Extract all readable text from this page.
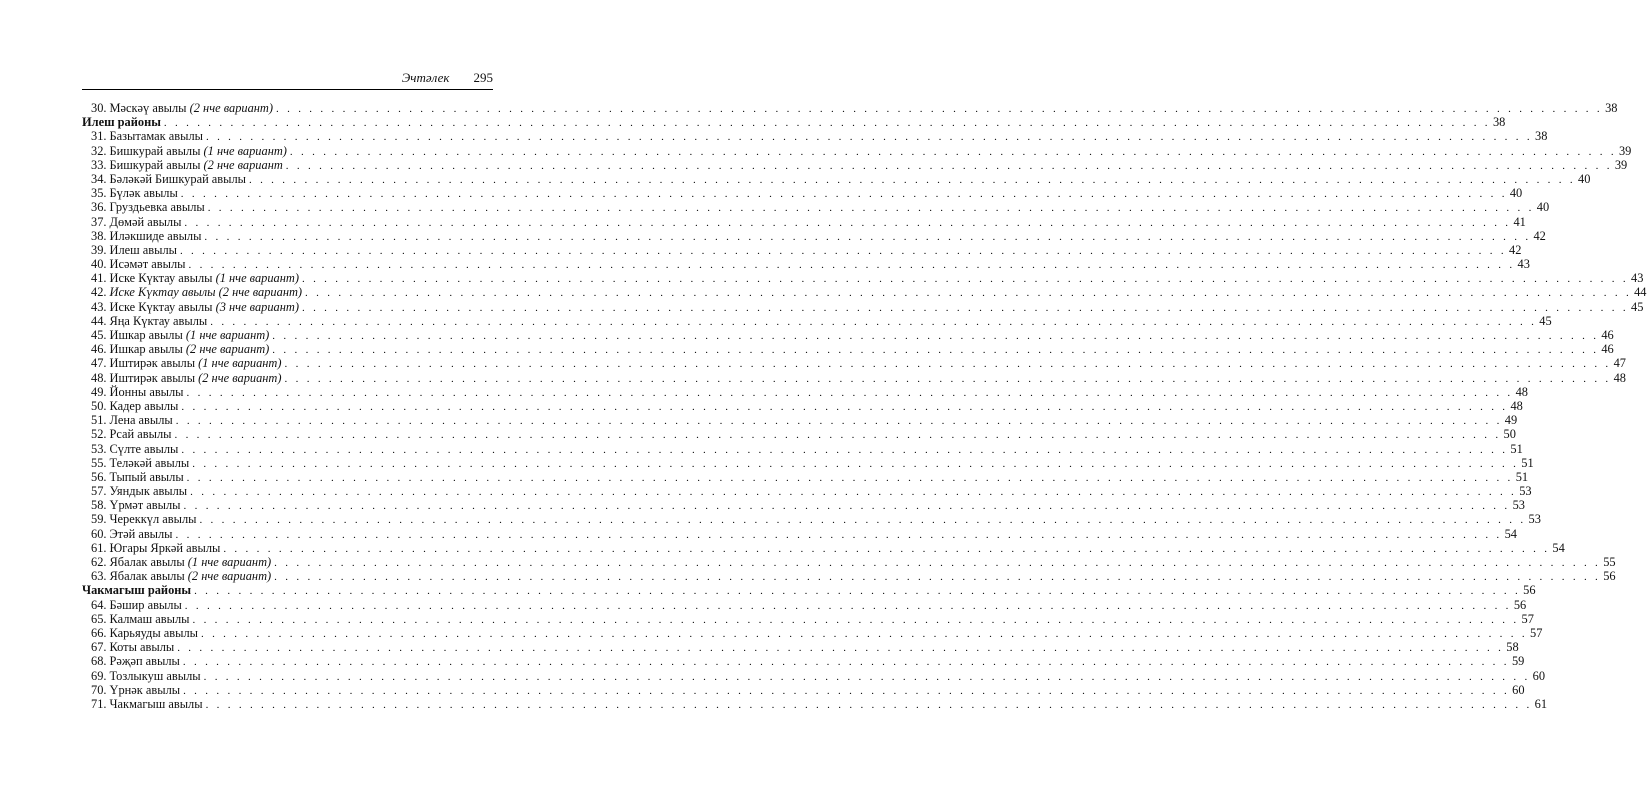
Эчтәлек 295
30. Мәскәү авылы (2 нче вариант) . . . . . . . . . . . . . . . . . . . . . . . . . . . . . . . . . . . . . . . . . . . . . . . . . . . . . . . . . . . . . . . . . . . . . . . . . . . . . . . . . . . . . . . . . . . . . . . . . . . . . . . . . . . . . . . . . . . . . . . . 38
Илеш районы . . . . . . . . . . . . . . . . . . . . . . . . . . . . . . . . . . . . . . . . . . . . . . . . . . . . . . . . . . . . . . . . . . . . . . . . . . . . . . . . . . . . . . . . . . . . . . . . . . . . . . . . . . . . . . . . . . . . . . . . 38
31. Базытамак авылы . . . . . . . . . . . . . . . . . . . . . . . . . . . . . . . . . . . . . . . . . . . . . . . . . . . . . . . . . . . . . . . . . . . . . . . . . . . . . . . . . . . . . . . . . . . . . . . . . . . . . . . . . . . . . . . . . . . . . . . . 38
32. Бишкурай авылы (1 нче вариант) . . . . . . . . . . . . . . . . . . . . . . . . . . . . . . . . . . . . . . . . . . . . . . . . . . . . . . . . . . . . . . . . . . . . . . . . . . . . . . . . . . . . . . . . . . . . . . . . . . . . . . . . . . . . . . . . . . . . . . . . 39
33. Бишкурай авылы (2 нче вариант . . . . . . . . . . . . . . . . . . . . . . . . . . . . . . . . . . . . . . . . . . . . . . . . . . . . . . . . . . . . . . . . . . . . . . . . . . . . . . . . . . . . . . . . . . . . . . . . . . . . . . . . . . . . . . . . . . . . . . . . 39
34. Бәләкәй Бишкурай авылы . . . . . . . . . . . . . . . . . . . . . . . . . . . . . . . . . . . . . . . . . . . . . . . . . . . . . . . . . . . . . . . . . . . . . . . . . . . . . . . . . . . . . . . . . . . . . . . . . . . . . . . . . . . . . . . . . . . . . . . . 40
35. Бүләк авылы . . . . . . . . . . . . . . . . . . . . . . . . . . . . . . . . . . . . . . . . . . . . . . . . . . . . . . . . . . . . . . . . . . . . . . . . . . . . . . . . . . . . . . . . . . . . . . . . . . . . . . . . . . . . . . . . . . . . . . . . 40
36. Груздьевка авылы . . . . . . . . . . . . . . . . . . . . . . . . . . . . . . . . . . . . . . . . . . . . . . . . . . . . . . . . . . . . . . . . . . . . . . . . . . . . . . . . . . . . . . . . . . . . . . . . . . . . . . . . . . . . . . . . . . . . . . . . 40
37. Дөмәй авылы . . . . . . . . . . . . . . . . . . . . . . . . . . . . . . . . . . . . . . . . . . . . . . . . . . . . . . . . . . . . . . . . . . . . . . . . . . . . . . . . . . . . . . . . . . . . . . . . . . . . . . . . . . . . . . . . . . . . . . . . 41
38. Иләкшиде авылы . . . . . . . . . . . . . . . . . . . . . . . . . . . . . . . . . . . . . . . . . . . . . . . . . . . . . . . . . . . . . . . . . . . . . . . . . . . . . . . . . . . . . . . . . . . . . . . . . . . . . . . . . . . . . . . . . . . . . . . . 42
39. Илеш авылы . . . . . . . . . . . . . . . . . . . . . . . . . . . . . . . . . . . . . . . . . . . . . . . . . . . . . . . . . . . . . . . . . . . . . . . . . . . . . . . . . . . . . . . . . . . . . . . . . . . . . . . . . . . . . . . . . . . . . . . . 42
40. Исәмәт авылы . . . . . . . . . . . . . . . . . . . . . . . . . . . . . . . . . . . . . . . . . . . . . . . . . . . . . . . . . . . . . . . . . . . . . . . . . . . . . . . . . . . . . . . . . . . . . . . . . . . . . . . . . . . . . . . . . . . . . . . . 43
41. Иске Күктау авылы (1 нче вариант) . . . . . . . . . . . . . . . . . . . . . . . . . . . . . . . . . . . . . . . . . . . . . . . . . . . . . . . . . . . . . . . . . . . . . . . . . . . . . . . . . . . . . . . . . . . . . . . . . . . . . . . . . . . . . . . . . . . . . . . . 43
42. Иске Күктау авылы (2 нче вариант) . . . . . . . . . . . . . . . . . . . . . . . . . . . . . . . . . . . . . . . . . . . . . . . . . . . . . . . . . . . . . . . . . . . . . . . . . . . . . . . . . . . . . . . . . . . . . . . . . . . . . . . . . . . . . . . . . . . . . . . . 44
43. Иске Күктау авылы (3 нче вариант) . . . . . . . . . . . . . . . . . . . . . . . . . . . . . . . . . . . . . . . . . . . . . . . . . . . . . . . . . . . . . . . . . . . . . . . . . . . . . . . . . . . . . . . . . . . . . . . . . . . . . . . . . . . . . . . . . . . . . . . . 45
44. Яңа Күктау авылы . . . . . . . . . . . . . . . . . . . . . . . . . . . . . . . . . . . . . . . . . . . . . . . . . . . . . . . . . . . . . . . . . . . . . . . . . . . . . . . . . . . . . . . . . . . . . . . . . . . . . . . . . . . . . . . . . . . . . . . . 45
45. Ишкар авылы (1 нче вариант) . . . . . . . . . . . . . . . . . . . . . . . . . . . . . . . . . . . . . . . . . . . . . . . . . . . . . . . . . . . . . . . . . . . . . . . . . . . . . . . . . . . . . . . . . . . . . . . . . . . . . . . . . . . . . . . . . . . . . . . . 46
46. Ишкар авылы (2 нче вариант) . . . . . . . . . . . . . . . . . . . . . . . . . . . . . . . . . . . . . . . . . . . . . . . . . . . . . . . . . . . . . . . . . . . . . . . . . . . . . . . . . . . . . . . . . . . . . . . . . . . . . . . . . . . . . . . . . . . . . . . . 46
47. Иштирәк авылы (1 нче вариант) . . . . . . . . . . . . . . . . . . . . . . . . . . . . . . . . . . . . . . . . . . . . . . . . . . . . . . . . . . . . . . . . . . . . . . . . . . . . . . . . . . . . . . . . . . . . . . . . . . . . . . . . . . . . . . . . . . . . . . . . 47
48. Иштирәк авылы (2 нче вариант) . . . . . . . . . . . . . . . . . . . . . . . . . . . . . . . . . . . . . . . . . . . . . . . . . . . . . . . . . . . . . . . . . . . . . . . . . . . . . . . . . . . . . . . . . . . . . . . . . . . . . . . . . . . . . . . . . . . . . . . . 48
49. Йонны авылы . . . . . . . . . . . . . . . . . . . . . . . . . . . . . . . . . . . . . . . . . . . . . . . . . . . . . . . . . . . . . . . . . . . . . . . . . . . . . . . . . . . . . . . . . . . . . . . . . . . . . . . . . . . . . . . . . . . . . . . . 48
50. Кадер авылы . . . . . . . . . . . . . . . . . . . . . . . . . . . . . . . . . . . . . . . . . . . . . . . . . . . . . . . . . . . . . . . . . . . . . . . . . . . . . . . . . . . . . . . . . . . . . . . . . . . . . . . . . . . . . . . . . . . . . . . . 48
51. Лена авылы . . . . . . . . . . . . . . . . . . . . . . . . . . . . . . . . . . . . . . . . . . . . . . . . . . . . . . . . . . . . . . . . . . . . . . . . . . . . . . . . . . . . . . . . . . . . . . . . . . . . . . . . . . . . . . . . . . . . . . . . 49
52. Рсай авылы . . . . . . . . . . . . . . . . . . . . . . . . . . . . . . . . . . . . . . . . . . . . . . . . . . . . . . . . . . . . . . . . . . . . . . . . . . . . . . . . . . . . . . . . . . . . . . . . . . . . . . . . . . . . . . . . . . . . . . . . 50
53. Сүлте авылы . . . . . . . . . . . . . . . . . . . . . . . . . . . . . . . . . . . . . . . . . . . . . . . . . . . . . . . . . . . . . . . . . . . . . . . . . . . . . . . . . . . . . . . . . . . . . . . . . . . . . . . . . . . . . . . . . . . . . . . . 51
55. Теләкәй авылы . . . . . . . . . . . . . . . . . . . . . . . . . . . . . . . . . . . . . . . . . . . . . . . . . . . . . . . . . . . . . . . . . . . . . . . . . . . . . . . . . . . . . . . . . . . . . . . . . . . . . . . . . . . . . . . . . . . . . . . . 51
56. Тыпый авылы . . . . . . . . . . . . . . . . . . . . . . . . . . . . . . . . . . . . . . . . . . . . . . . . . . . . . . . . . . . . . . . . . . . . . . . . . . . . . . . . . . . . . . . . . . . . . . . . . . . . . . . . . . . . . . . . . . . . . . . . 51
57. Уяндык авылы . . . . . . . . . . . . . . . . . . . . . . . . . . . . . . . . . . . . . . . . . . . . . . . . . . . . . . . . . . . . . . . . . . . . . . . . . . . . . . . . . . . . . . . . . . . . . . . . . . . . . . . . . . . . . . . . . . . . . . . . 53
58. Үрмәт авылы . . . . . . . . . . . . . . . . . . . . . . . . . . . . . . . . . . . . . . . . . . . . . . . . . . . . . . . . . . . . . . . . . . . . . . . . . . . . . . . . . . . . . . . . . . . . . . . . . . . . . . . . . . . . . . . . . . . . . . . . 53
59. Череккүл авылы . . . . . . . . . . . . . . . . . . . . . . . . . . . . . . . . . . . . . . . . . . . . . . . . . . . . . . . . . . . . . . . . . . . . . . . . . . . . . . . . . . . . . . . . . . . . . . . . . . . . . . . . . . . . . . . . . . . . . . . . 53
60. Этәй авылы . . . . . . . . . . . . . . . . . . . . . . . . . . . . . . . . . . . . . . . . . . . . . . . . . . . . . . . . . . . . . . . . . . . . . . . . . . . . . . . . . . . . . . . . . . . . . . . . . . . . . . . . . . . . . . . . . . . . . . . . 54
61. Югары Яркәй авылы . . . . . . . . . . . . . . . . . . . . . . . . . . . . . . . . . . . . . . . . . . . . . . . . . . . . . . . . . . . . . . . . . . . . . . . . . . . . . . . . . . . . . . . . . . . . . . . . . . . . . . . . . . . . . . . . . . . . . . . . 54
62. Ябалак авылы (1 нче вариант) . . . . . . . . . . . . . . . . . . . . . . . . . . . . . . . . . . . . . . . . . . . . . . . . . . . . . . . . . . . . . . . . . . . . . . . . . . . . . . . . . . . . . . . . . . . . . . . . . . . . . . . . . . . . . . . . . . . . . . . . 55
63. Ябалак авылы (2 нче вариант) . . . . . . . . . . . . . . . . . . . . . . . . . . . . . . . . . . . . . . . . . . . . . . . . . . . . . . . . . . . . . . . . . . . . . . . . . . . . . . . . . . . . . . . . . . . . . . . . . . . . . . . . . . . . . . . . . . . . . . . . 56
Чакмагыш районы . . . . . . . . . . . . . . . . . . . . . . . . . . . . . . . . . . . . . . . . . . . . . . . . . . . . . . . . . . . . . . . . . . . . . . . . . . . . . . . . . . . . . . . . . . . . . . . . . . . . . . . . . . . . . . . . . . . . . . . . 56
64. Бәшир авылы . . . . . . . . . . . . . . . . . . . . . . . . . . . . . . . . . . . . . . . . . . . . . . . . . . . . . . . . . . . . . . . . . . . . . . . . . . . . . . . . . . . . . . . . . . . . . . . . . . . . . . . . . . . . . . . . . . . . . . . . 56
65. Калмаш авылы . . . . . . . . . . . . . . . . . . . . . . . . . . . . . . . . . . . . . . . . . . . . . . . . . . . . . . . . . . . . . . . . . . . . . . . . . . . . . . . . . . . . . . . . . . . . . . . . . . . . . . . . . . . . . . . . . . . . . . . . 57
66. Карьяуды авылы . . . . . . . . . . . . . . . . . . . . . . . . . . . . . . . . . . . . . . . . . . . . . . . . . . . . . . . . . . . . . . . . . . . . . . . . . . . . . . . . . . . . . . . . . . . . . . . . . . . . . . . . . . . . . . . . . . . . . . . . 57
67. Коты авылы . . . . . . . . . . . . . . . . . . . . . . . . . . . . . . . . . . . . . . . . . . . . . . . . . . . . . . . . . . . . . . . . . . . . . . . . . . . . . . . . . . . . . . . . . . . . . . . . . . . . . . . . . . . . . . . . . . . . . . . . 58
68. Рәҗәп авылы . . . . . . . . . . . . . . . . . . . . . . . . . . . . . . . . . . . . . . . . . . . . . . . . . . . . . . . . . . . . . . . . . . . . . . . . . . . . . . . . . . . . . . . . . . . . . . . . . . . . . . . . . . . . . . . . . . . . . . . . 59
69. Тозлыкуш авылы . . . . . . . . . . . . . . . . . . . . . . . . . . . . . . . . . . . . . . . . . . . . . . . . . . . . . . . . . . . . . . . . . . . . . . . . . . . . . . . . . . . . . . . . . . . . . . . . . . . . . . . . . . . . . . . . . . . . . . . . 60
70. Үрнәк авылы . . . . . . . . . . . . . . . . . . . . . . . . . . . . . . . . . . . . . . . . . . . . . . . . . . . . . . . . . . . . . . . . . . . . . . . . . . . . . . . . . . . . . . . . . . . . . . . . . . . . . . . . . . . . . . . . . . . . . . . . 60
71. Чакмагыш авылы . . . . . . . . . . . . . . . . . . . . . . . . . . . . . . . . . . . . . . . . . . . . . . . . . . . . . . . . . . . . . . . . . . . . . . . . . . . . . . . . . . . . . . . . . . . . . . . . . . . . . . . . . . . . . . . . . . . . . . . . 61
